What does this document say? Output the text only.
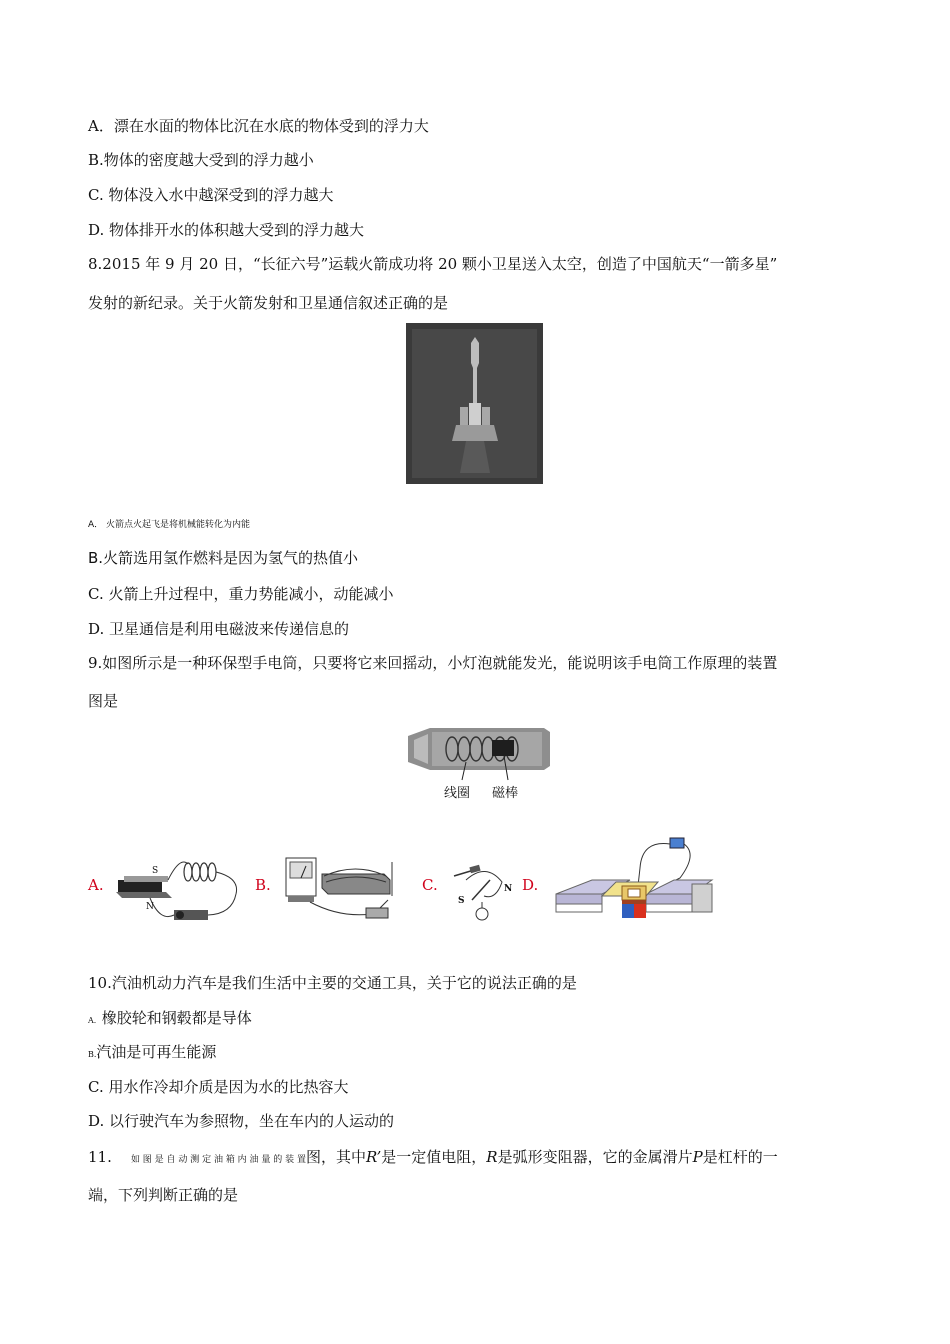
A．漂在水面的物体比沉在水底的物体受到的浮力大
B.物体的密度越大受到的浮力越小
C. 物体没入水中越深受到的浮力越大
D. 物体排开水的体积越大受到的浮力越大
8.2015 年 9 月 20 日，“长征六号”运载火箭成功将 20 颗小卫星送入太空，创造了中国航天“一箭多星”
发射的新纪录。关于火箭发射和卫星通信叙述正确的是
A． 火箭点火起飞是将机械能转化为内能
B.火箭选用氢作燃料是因为氢气的热值小
C. 火箭上升过程中，重力势能减小，动能减小
D. 卫星通信是利用电磁波来传递信息的
9.如图所示是一种环保型手电筒，只要将它来回摇动，小灯泡就能发光，能说明该手电筒工作原理的装置
图是
线圈 磁棒
A.
S
N
B.	C.
S
N D.
10.汽油机动力汽车是我们生活中主要的交通工具，关于它的说法正确的是
A．橡胶轮和钢毂都是导体
B.汽油是可再生能源
C. 用水作冷却介质是因为水的比热容大
D. 以行驶汽车为参照物，坐在车内的人运动的
11. 如 图 是 自 动 测 定 油 箱 内 油 量 的 装 置图，其中R’是一定值电阻，R是弧形变阻器，它的金属滑片P是杠杆的一
端，下列判断正确的是
